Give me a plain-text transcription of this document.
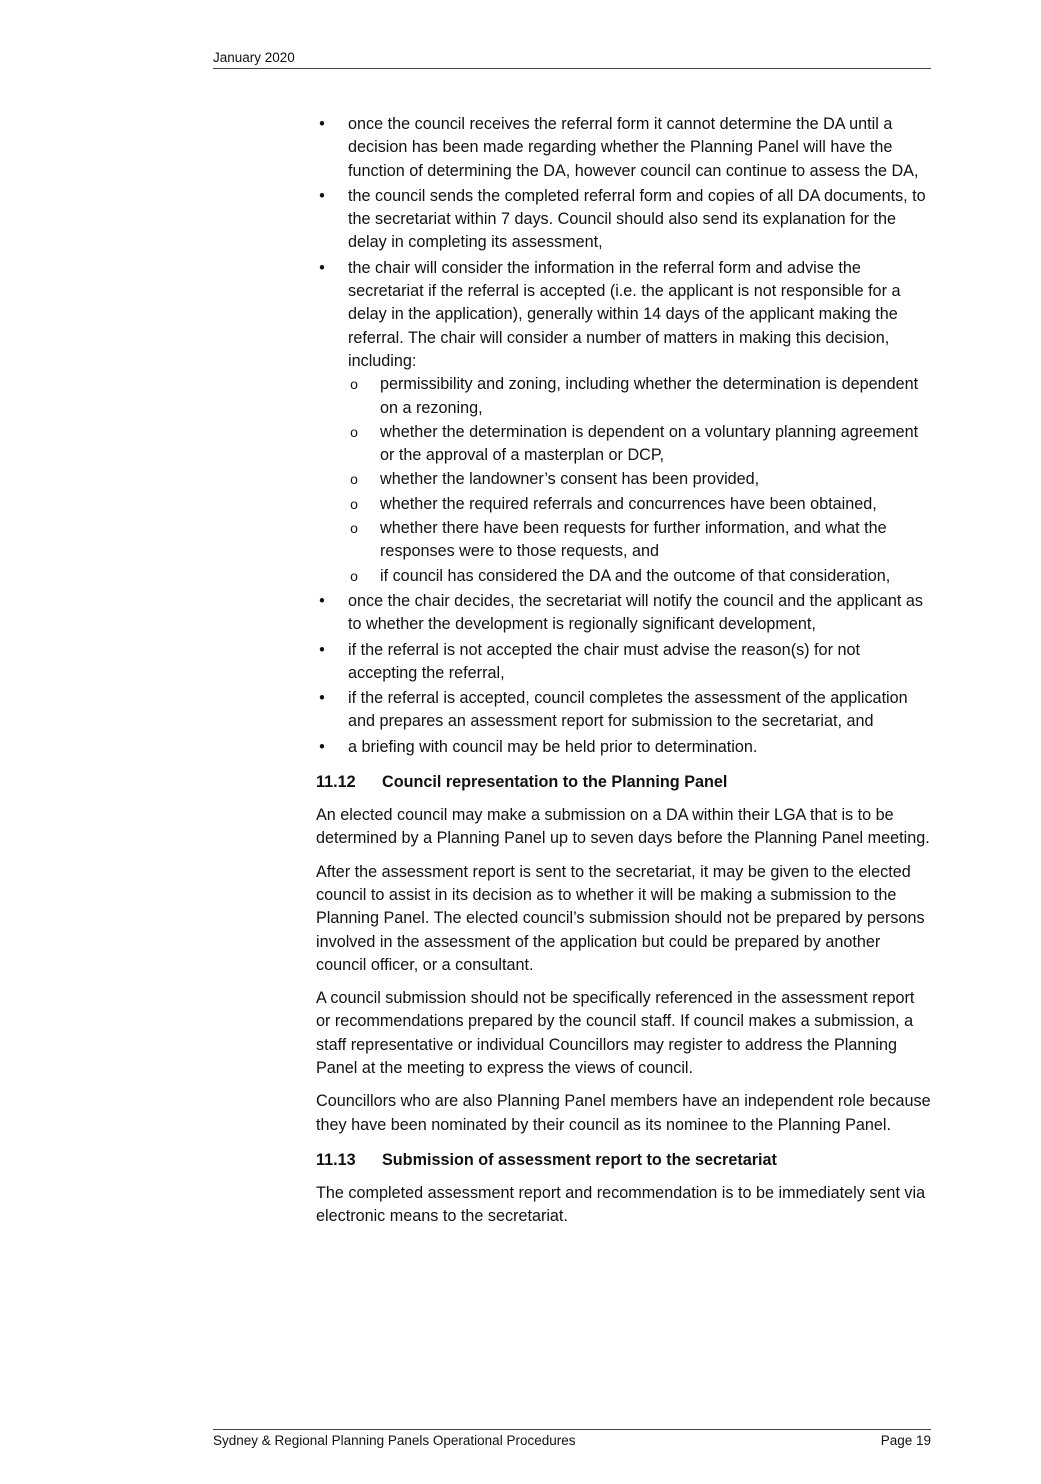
January 2020
• once the council receives the referral form it cannot determine the DA until a decision has been made regarding whether the Planning Panel will have the function of determining the DA, however council can continue to assess the DA,
• the council sends the completed referral form and copies of all DA documents, to the secretariat within 7 days. Council should also send its explanation for the delay in completing its assessment,
• the chair will consider the information in the referral form and advise the secretariat if the referral is accepted (i.e. the applicant is not responsible for a delay in the application), generally within 14 days of the applicant making the referral. The chair will consider a number of matters in making this decision, including:
o permissibility and zoning, including whether the determination is dependent on a rezoning,
o whether the determination is dependent on a voluntary planning agreement or the approval of a masterplan or DCP,
o whether the landowner’s consent has been provided,
o whether the required referrals and concurrences have been obtained,
o whether there have been requests for further information, and what the responses were to those requests, and
o if council has considered the DA and the outcome of that consideration,
• once the chair decides, the secretariat will notify the council and the applicant as to whether the development is regionally significant development,
• if the referral is not accepted the chair must advise the reason(s) for not accepting the referral,
• if the referral is accepted, council completes the assessment of the application and prepares an assessment report for submission to the secretariat, and
• a briefing with council may be held prior to determination.
11.12 Council representation to the Planning Panel

An elected council may make a submission on a DA within their LGA that is to be determined by a Planning Panel up to seven days before the Planning Panel meeting.

After the assessment report is sent to the secretariat, it may be given to the elected council to assist in its decision as to whether it will be making a submission to the Planning Panel. The elected council’s submission should not be prepared by persons involved in the assessment of the application but could be prepared by another council officer, or a consultant.

A council submission should not be specifically referenced in the assessment report or recommendations prepared by the council staff. If council makes a submission, a staff representative or individual Councillors may register to address the Planning Panel at the meeting to express the views of council.

Councillors who are also Planning Panel members have an independent role because they have been nominated by their council as its nominee to the Planning Panel.

11.13 Submission of assessment report to the secretariat

The completed assessment report and recommendation is to be immediately sent via electronic means to the secretariat.

Sydney & Regional Planning Panels Operational Procedures	Page 19
